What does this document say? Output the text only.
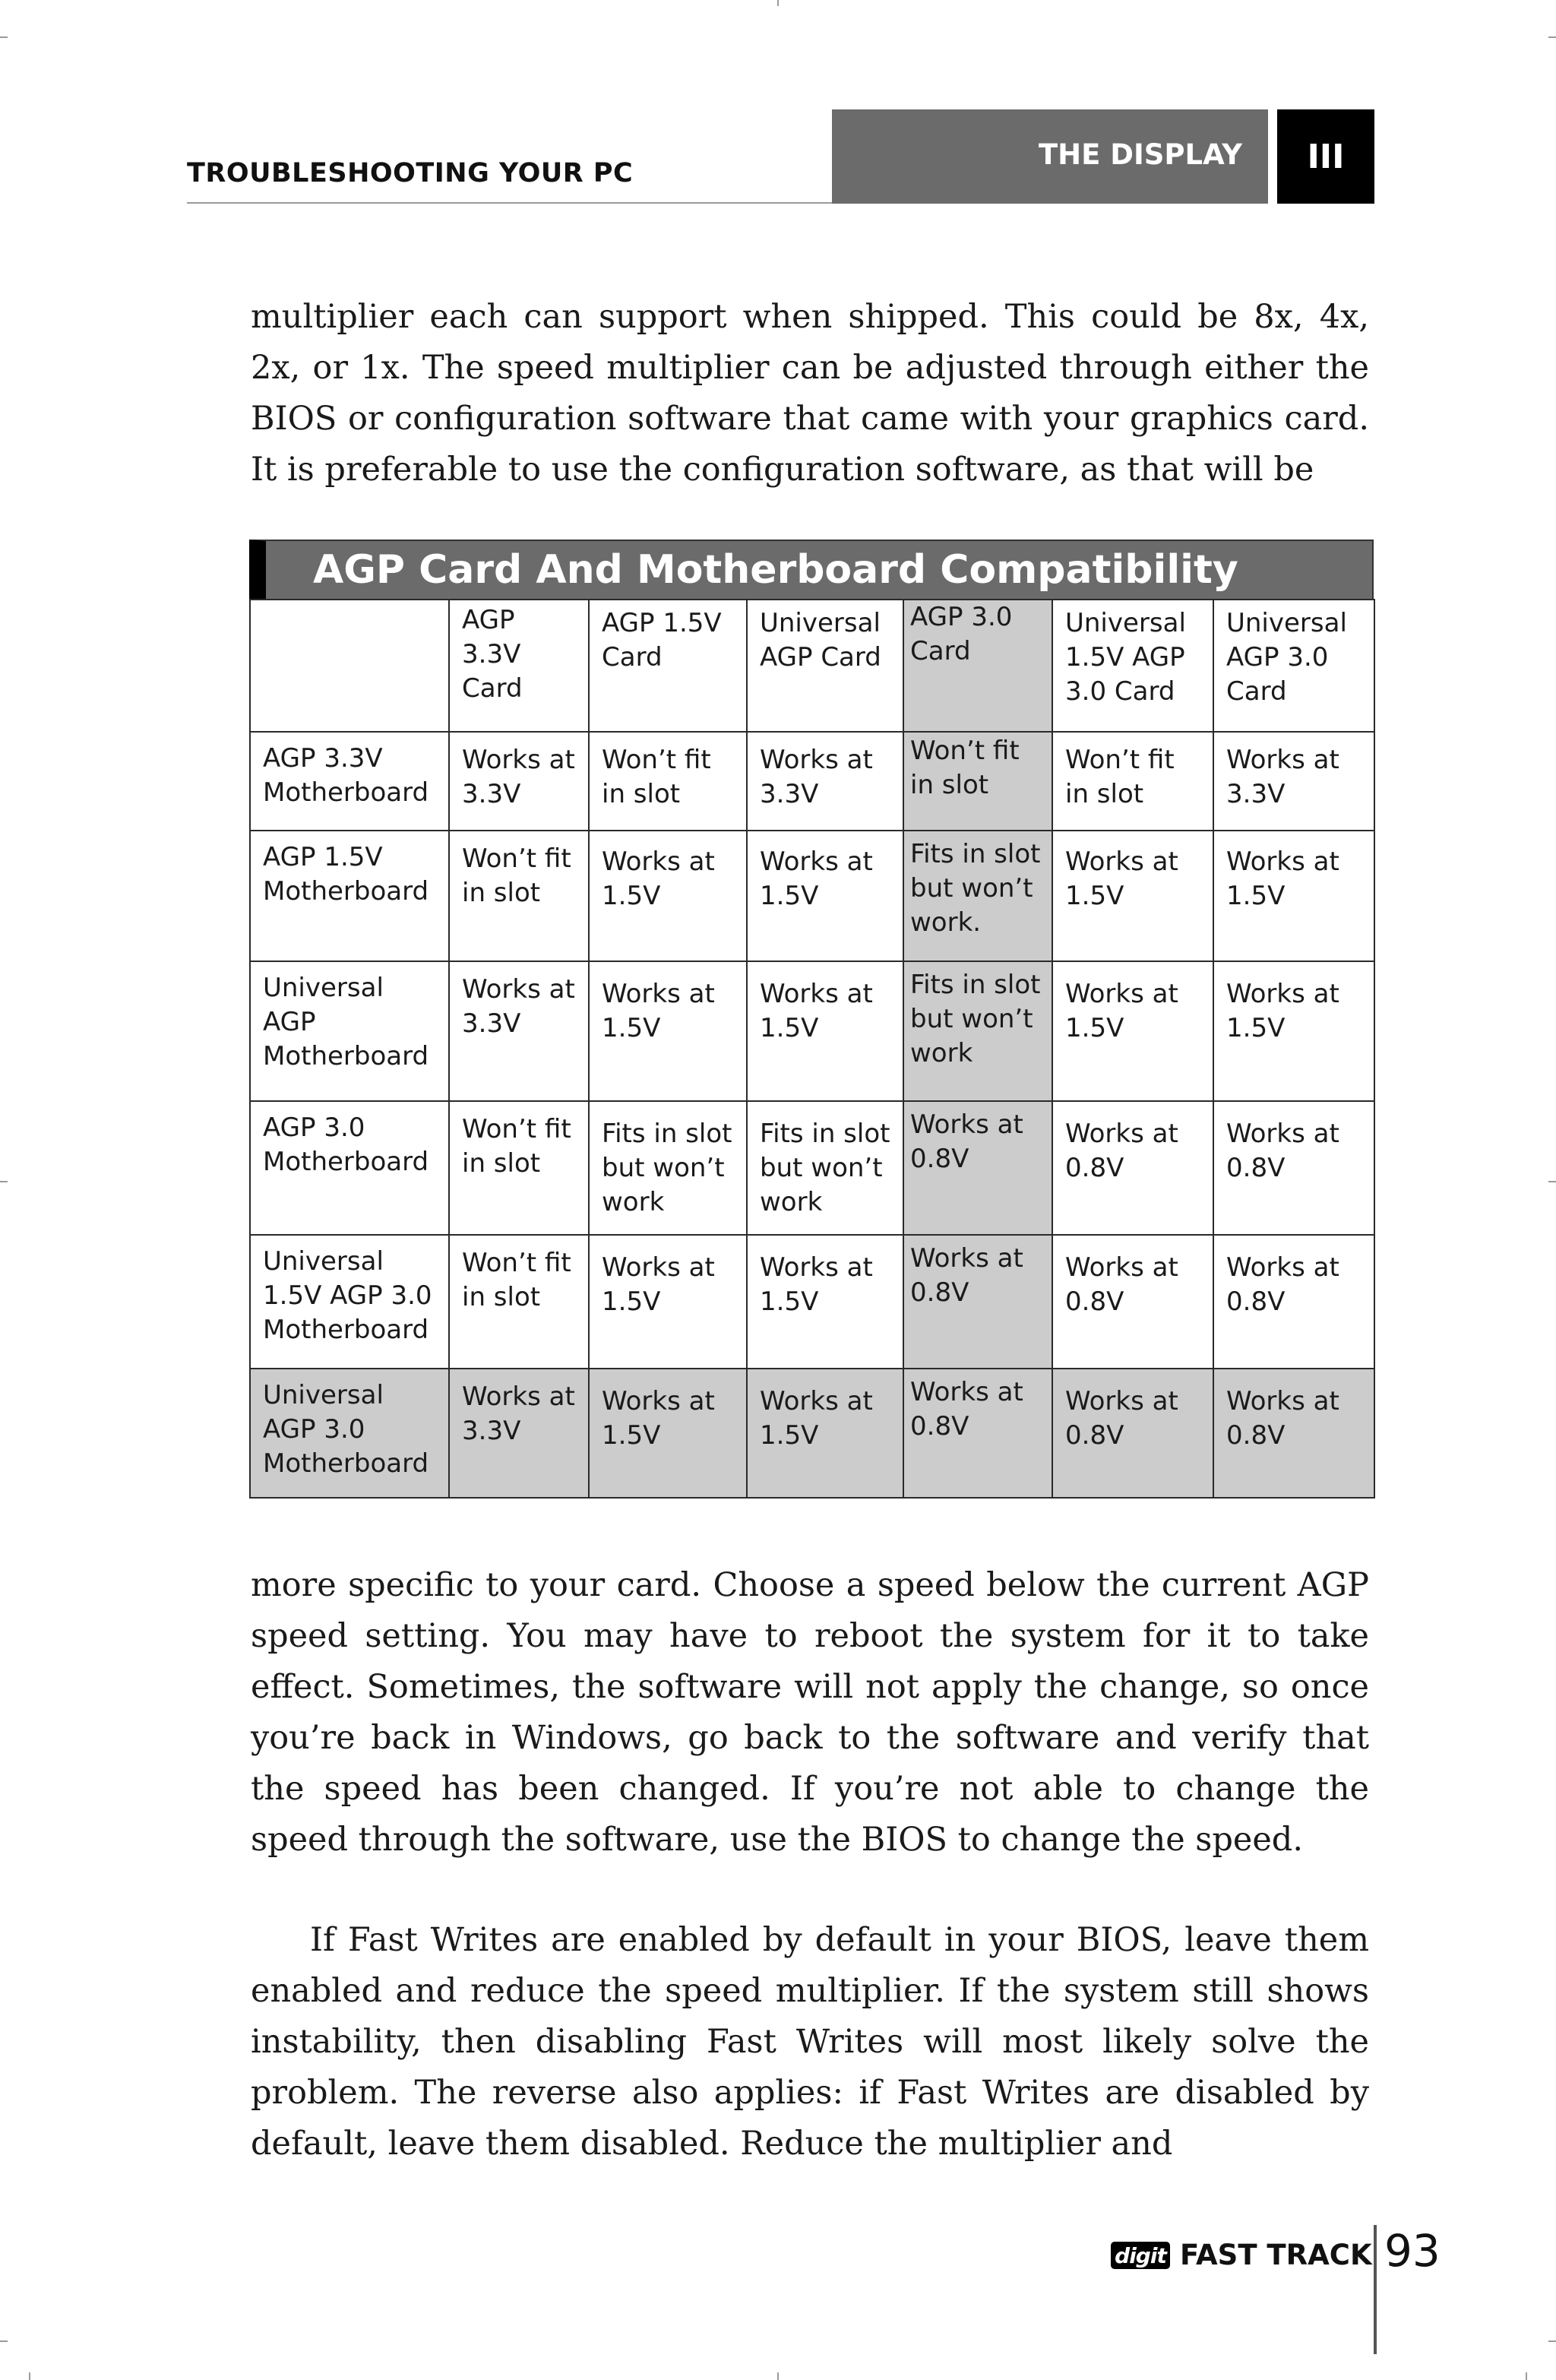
TROUBLESHOOTING YOUR PC
THE DISPLAY	III

multiplier each can support when shipped. This could be 8x, 4x, 2x, or 1x. The speed multiplier can be adjusted through either the BIOS or configuration software that came with your graphics card. It is preferable to use the configuration software, as that will be

AGP Card And Motherboard Compatibility

	AGP 3.3V Card	AGP 1.5V Card	Universal AGP Card	AGP 3.0 Card	Universal 1.5V AGP 3.0 Card	Universal AGP 3.0 Card

AGP 3.3V Motherboard	Works at 3.3V	Won’t fit in slot	Works at 3.3V	Won’t fit in slot	Won’t fit in slot	Works at 3.3V

AGP 1.5V Motherboard	Won’t fit in slot	Works at 1.5V	Works at 1.5V	Fits in slot but won’t work.	Works at 1.5V	Works at 1.5V

Universal AGP Motherboard	Works at 3.3V	Works at 1.5V	Works at 1.5V	Fits in slot but won’t work	Works at 1.5V	Works at 1.5V

AGP 3.0 Motherboard	Won’t fit in slot	Fits in slot but won’t work	Fits in slot but won’t work	Works at 0.8V	Works at 0.8V	Works at 0.8V

Universal 1.5V AGP 3.0 Motherboard	Won’t fit in slot	Works at 1.5V	Works at 1.5V	Works at 0.8V	Works at 0.8V	Works at 0.8V

Universal AGP 3.0 Motherboard	Works at 3.3V	Works at 1.5V	Works at 1.5V	Works at 0.8V	Works at 0.8V	Works at 0.8V

more specific to your card. Choose a speed below the current AGP speed setting. You may have to reboot the system for it to take effect. Sometimes, the software will not apply the change, so once you’re back in Windows, go back to the software and verify that the speed has been changed. If you’re not able to change the speed through the software, use the BIOS to change the speed.

If Fast Writes are enabled by default in your BIOS, leave them enabled and reduce the speed multiplier. If the system still shows instability, then disabling Fast Writes will most likely solve the problem. The reverse also applies: if Fast Writes are disabled by default, leave them disabled. Reduce the multiplier and

digit FAST TRACK 93
